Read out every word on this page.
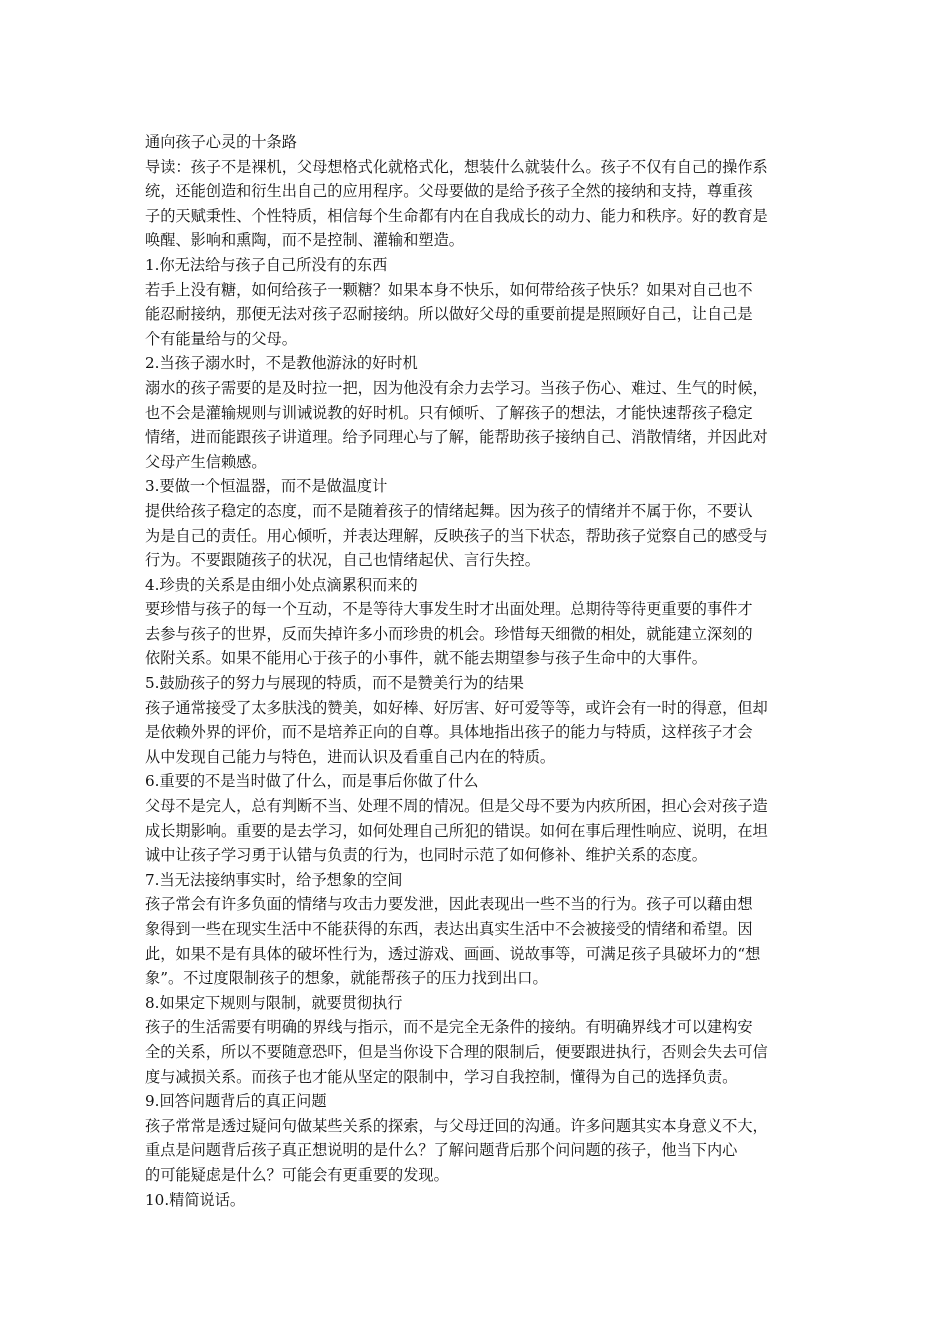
通向孩子心灵的十条路
导读：孩子不是裸机，父母想格式化就格式化，想装什么就装什么。孩子不仅有自己的操作系
统，还能创造和衍生出自己的应用程序。父母要做的是给予孩子全然的接纳和支持，尊重孩
子的天赋秉性、个性特质，相信每个生命都有内在自我成长的动力、能力和秩序。好的教育是
唤醒、影响和熏陶，而不是控制、灌输和塑造。
1.你无法给与孩子自己所没有的东西
若手上没有糖，如何给孩子一颗糖？如果本身不快乐，如何带给孩子快乐？如果对自己也不
能忍耐接纳，那便无法对孩子忍耐接纳。所以做好父母的重要前提是照顾好自己，让自己是
个有能量给与的父母。
2.当孩子溺水时，不是教他游泳的好时机
溺水的孩子需要的是及时拉一把，因为他没有余力去学习。当孩子伤心、难过、生气的时候，
也不会是灌输规则与训诫说教的好时机。只有倾听、了解孩子的想法，才能快速帮孩子稳定
情绪，进而能跟孩子讲道理。给予同理心与了解，能帮助孩子接纳自己、消散情绪，并因此对
父母产生信赖感。
3.要做一个恒温器，而不是做温度计
提供给孩子稳定的态度，而不是随着孩子的情绪起舞。因为孩子的情绪并不属于你，不要认
为是自己的责任。用心倾听，并表达理解，反映孩子的当下状态，帮助孩子觉察自己的感受与
行为。不要跟随孩子的状况，自己也情绪起伏、言行失控。
4.珍贵的关系是由细小处点滴累积而来的
要珍惜与孩子的每一个互动，不是等待大事发生时才出面处理。总期待等待更重要的事件才
去参与孩子的世界，反而失掉许多小而珍贵的机会。珍惜每天细微的相处，就能建立深刻的
依附关系。如果不能用心于孩子的小事件，就不能去期望参与孩子生命中的大事件。
5.鼓励孩子的努力与展现的特质，而不是赞美行为的结果
孩子通常接受了太多肤浅的赞美，如好棒、好厉害、好可爱等等，或许会有一时的得意，但却
是依赖外界的评价，而不是培养正向的自尊。具体地指出孩子的能力与特质，这样孩子才会
从中发现自己能力与特色，进而认识及看重自己内在的特质。
6.重要的不是当时做了什么，而是事后你做了什么
父母不是完人，总有判断不当、处理不周的情况。但是父母不要为内疚所困，担心会对孩子造
成长期影响。重要的是去学习，如何处理自己所犯的错误。如何在事后理性响应、说明，在坦
诚中让孩子学习勇于认错与负责的行为，也同时示范了如何修补、维护关系的态度。
7.当无法接纳事实时，给予想象的空间
孩子常会有许多负面的情绪与攻击力要发泄，因此表现出一些不当的行为。孩子可以藉由想
象得到一些在现实生活中不能获得的东西，表达出真实生活中不会被接受的情绪和希望。因
此，如果不是有具体的破坏性行为，透过游戏、画画、说故事等，可满足孩子具破坏力的“想
象”。不过度限制孩子的想象，就能帮孩子的压力找到出口。
8.如果定下规则与限制，就要贯彻执行
孩子的生活需要有明确的界线与指示，而不是完全无条件的接纳。有明确界线才可以建构安
全的关系，所以不要随意恐吓，但是当你设下合理的限制后，便要跟进执行，否则会失去可信
度与减损关系。而孩子也才能从坚定的限制中，学习自我控制，懂得为自己的选择负责。
9.回答问题背后的真正问题
孩子常常是透过疑问句做某些关系的探索，与父母迂回的沟通。许多问题其实本身意义不大，
重点是问题背后孩子真正想说明的是什么？了解问题背后那个问问题的孩子，他当下内心
的可能疑虑是什么？可能会有更重要的发现。
10.精简说话。
